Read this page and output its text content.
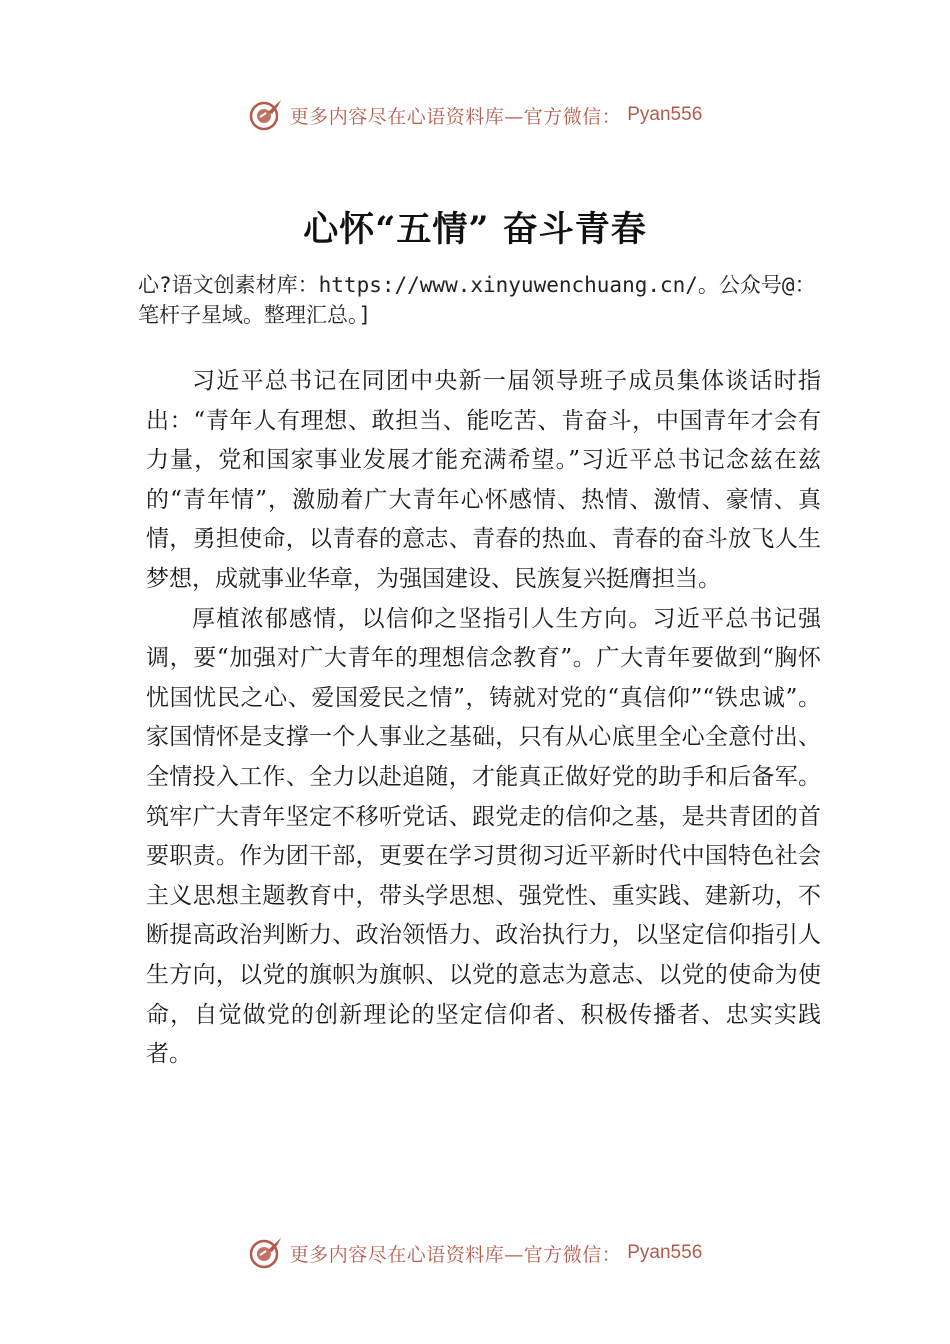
更多内容尽在心语资料库—官方微信： Pyan556
心怀“五情” 奋斗青春

心?语文创素材库：https://www.xinyuwenchuang.cn/。公众号@：笔杆子星域。整理汇总。]

习近平总书记在同团中央新一届领导班子成员集体谈话时指出：“青年人有理想、敢担当、能吃苦、肯奋斗，中国青年才会有力量，党和国家事业发展才能充满希望。”习近平总书记念兹在兹的“青年情”，激励着广大青年心怀感情、热情、激情、豪情、真情，勇担使命，以青春的意志、青春的热血、青春的奋斗放飞人生梦想，成就事业华章，为强国建设、民族复兴挺膺担当。

厚植浓郁感情，以信仰之坚指引人生方向。习近平总书记强调，要“加强对广大青年的理想信念教育”。广大青年要做到“胸怀忧国忧民之心、爱国爱民之情”，铸就对党的“真信仰”“铁忠诚”。家国情怀是支撑一个人事业之基础，只有从心底里全心全意付出、全情投入工作、全力以赴追随，才能真正做好党的助手和后备军。筑牢广大青年坚定不移听党话、跟党走的信仰之基，是共青团的首要职责。作为团干部，更要在学习贯彻习近平新时代中国特色社会主义思想主题教育中，带头学思想、强党性、重实践、建新功，不断提高政治判断力、政治领悟力、政治执行力，以坚定信仰指引人生方向，以党的旗帜为旗帜、以党的意志为意志、以党的使命为使命，自觉做党的创新理论的坚定信仰者、积极传播者、忠实实践者。

更多内容尽在心语资料库—官方微信： Pyan556
